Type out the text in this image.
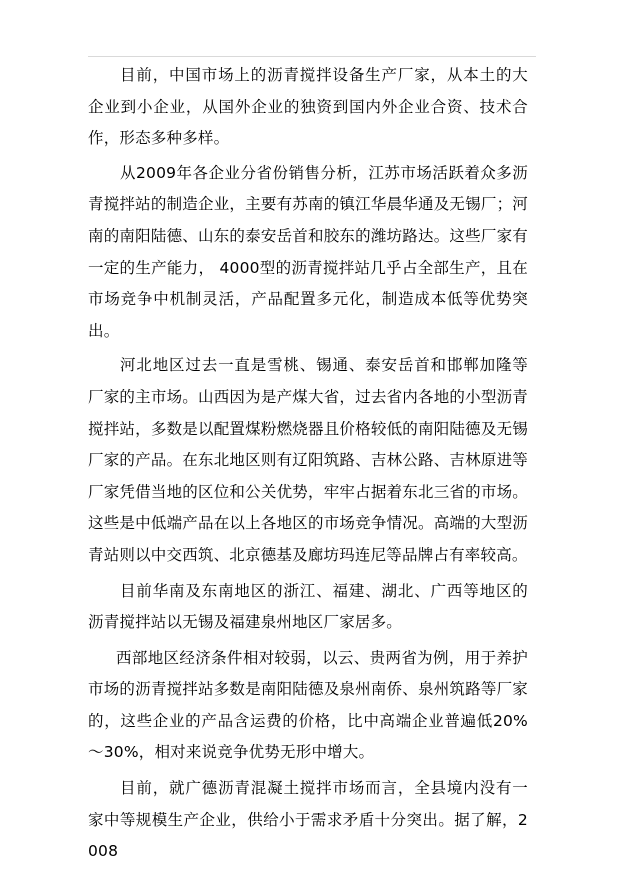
目前，中国市场上的沥青搅拌设备生产厂家，从本土的大企业到小企业，从国外企业的独资到国内外企业合资、技术合作，形态多种多样。

从2009年各企业分省份销售分析，江苏市场活跃着众多沥青搅拌站的制造企业，主要有苏南的镇江华晨华通及无锡厂；河南的南阳陆德、山东的泰安岳首和胶东的潍坊路达。这些厂家有一定的生产能力， 4000型的沥青搅拌站几乎占全部生产，且在市场竞争中机制灵活，产品配置多元化，制造成本低等优势突出。

河北地区过去一直是雪桃、锡通、泰安岳首和邯郸加隆等厂家的主市场。山西因为是产煤大省，过去省内各地的小型沥青搅拌站，多数是以配置煤粉燃烧器且价格较低的南阳陆德及无锡厂家的产品。在东北地区则有辽阳筑路、吉林公路、吉林原进等厂家凭借当地的区位和公关优势，牢牢占据着东北三省的市场。这些是中低端产品在以上各地区的市场竞争情况。高端的大型沥青站则以中交西筑、北京德基及廊坊玛连尼等品牌占有率较高。

目前华南及东南地区的浙江、福建、湖北、广西等地区的沥青搅拌站以无锡及福建泉州地区厂家居多。

西部地区经济条件相对较弱，以云、贵两省为例，用于养护市场的沥青搅拌站多数是南阳陆德及泉州南侨、泉州筑路等厂家的，这些企业的产品含运费的价格，比中高端企业普遍低20%～30%，相对来说竞争优势无形中增大。

目前，就广德沥青混凝土搅拌市场而言，全县境内没有一家中等规模生产企业，供给小于需求矛盾十分突出。据了解，2008
